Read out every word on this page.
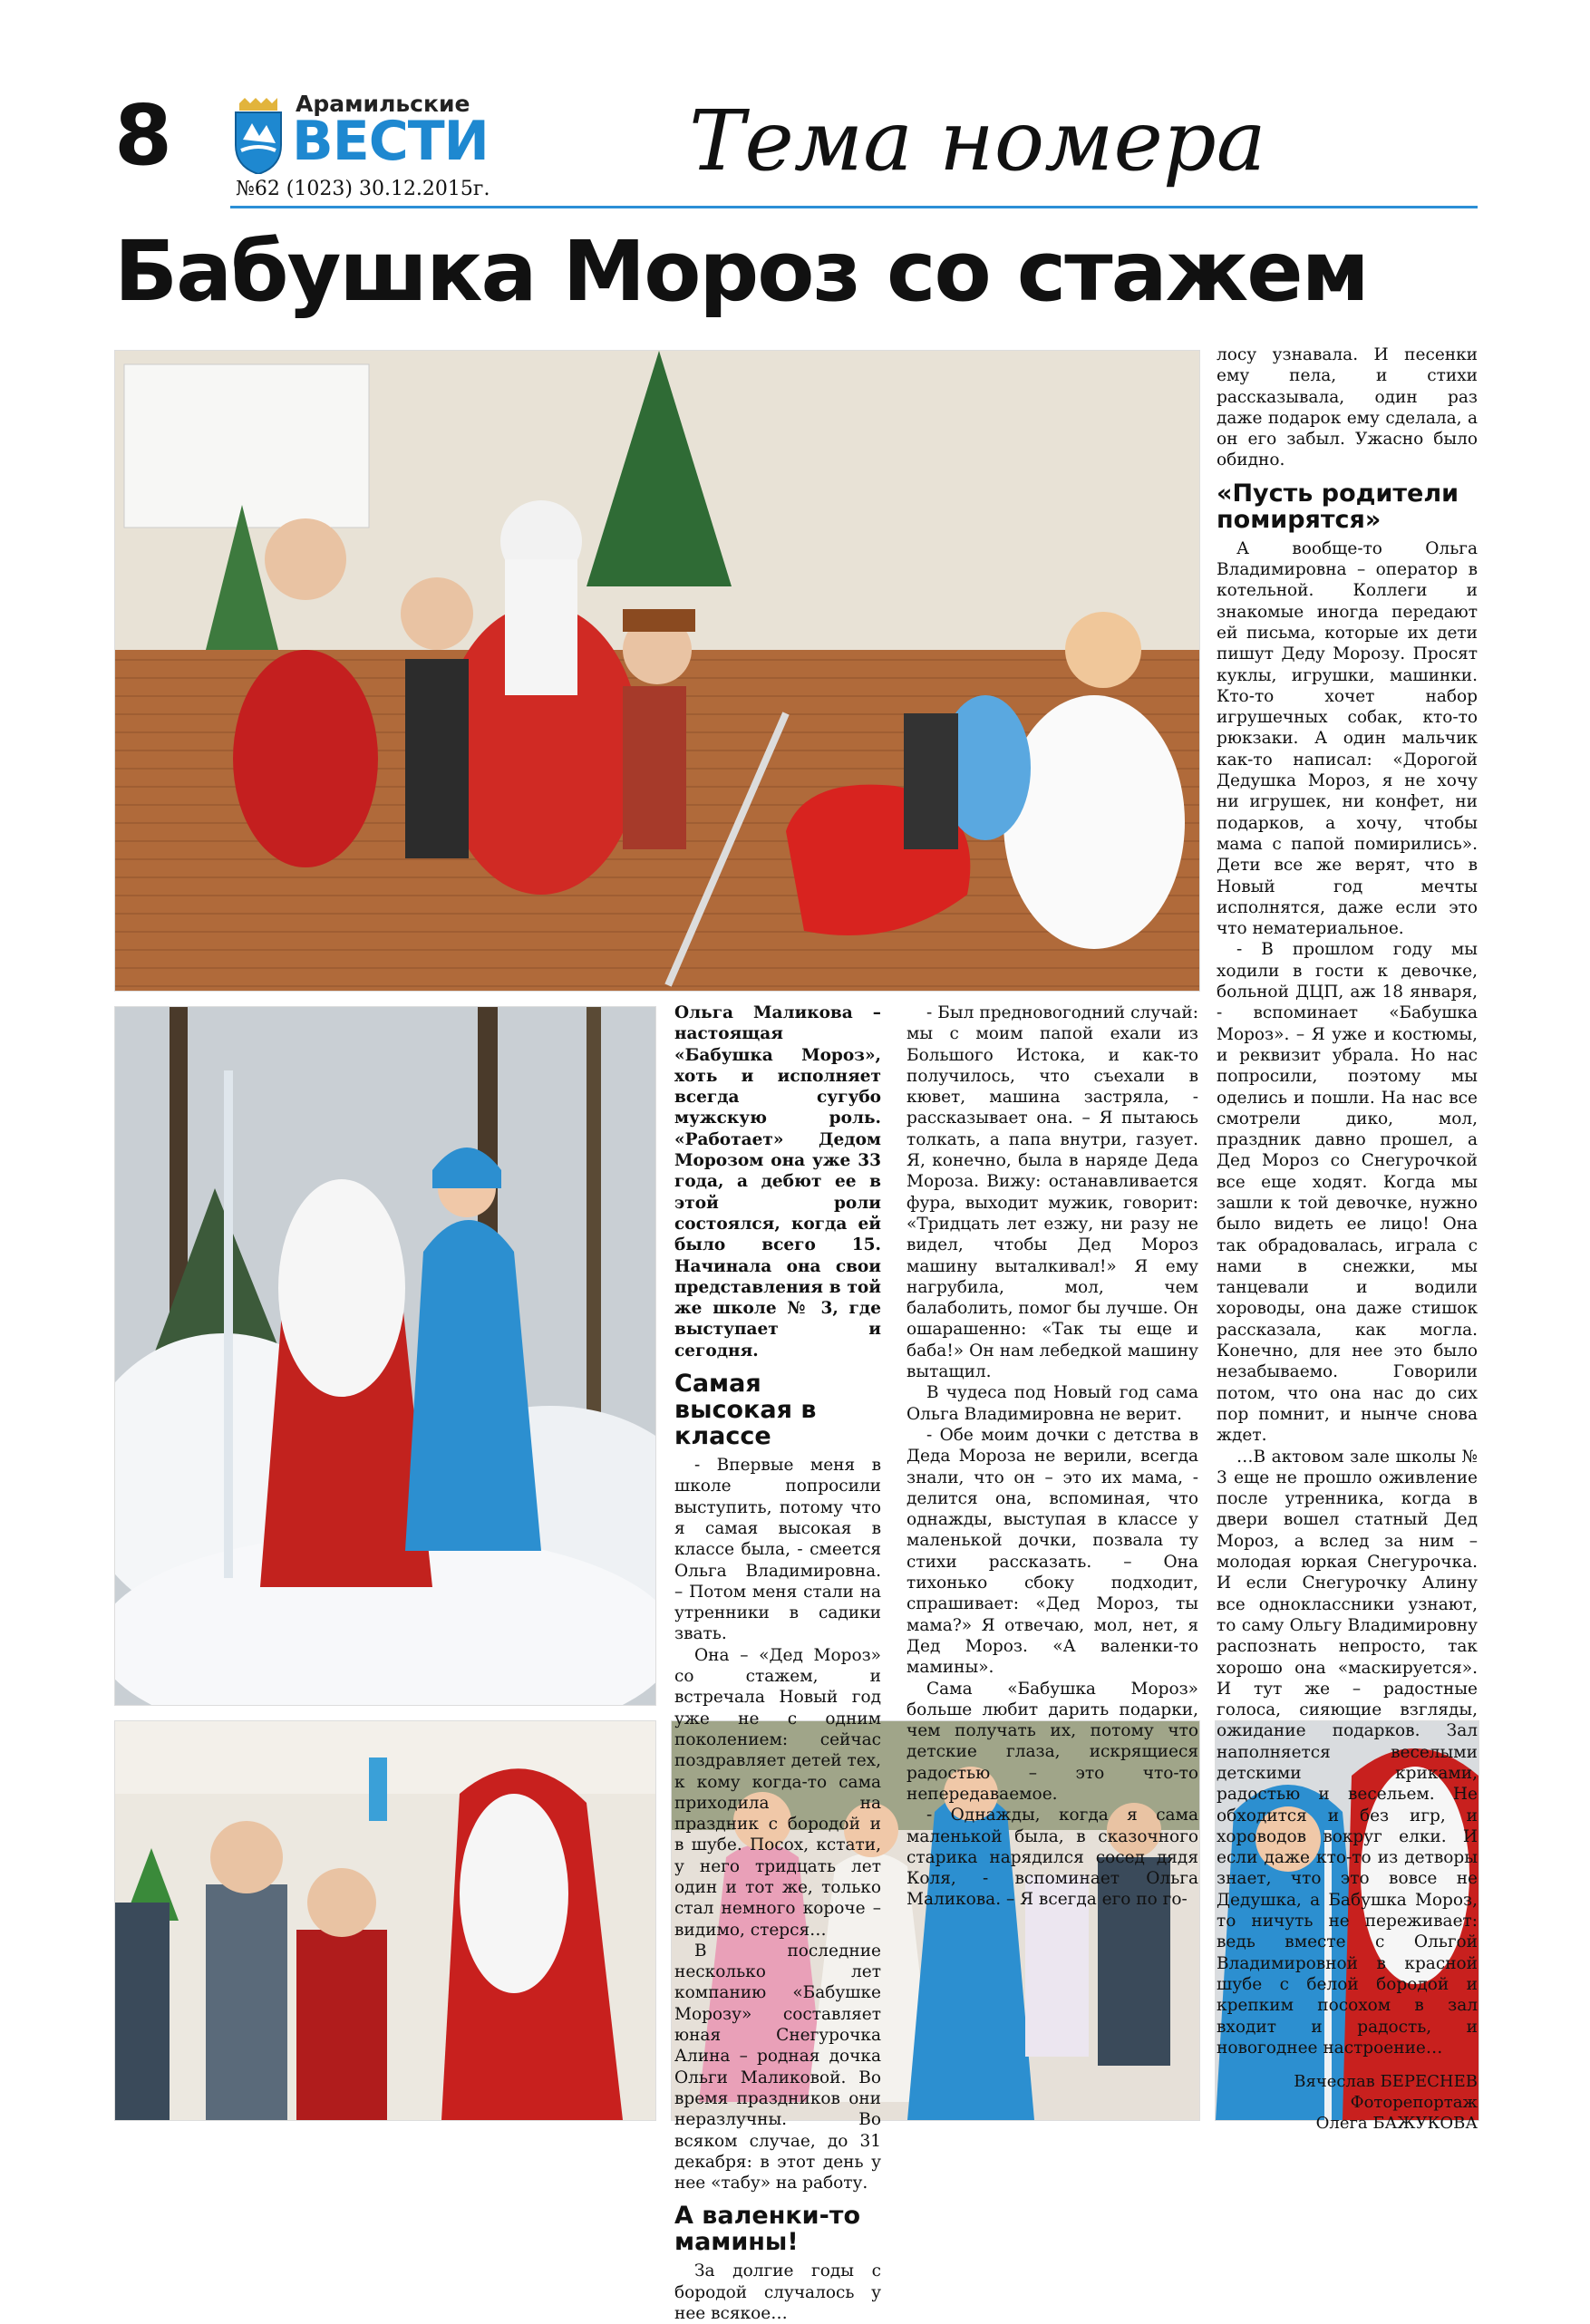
8	Арамильские
ВЕСТИ
№62 (1023) 30.12.2015г. Тема номера
Бабушка Мороз со стажем

Ольга Маликова – настоящая «Бабушка Мороз», хоть и исполняет всегда сугубо мужскую роль. «Работает» Дедом Морозом она уже 33 года, а дебют ее в этой роли состоялся, когда ей было всего 15. Начинала она свои представления в той же школе № 3, где выступает и сегодня.

Самая высокая в классе

- Впервые меня в школе попросили выступить, потому что я самая высокая в классе была, - смеется Ольга Владимировна. – Потом меня стали на утренники в садики звать.

Она – «Дед Мороз» со стажем, и встречала Новый год уже не с одним поколением: сейчас поздравляет детей тех, к кому когда-то сама приходила на праздник с бородой и в шубе. Посох, кстати, у него тридцать лет один и тот же, только стал немного короче – видимо, стерся…

В последние несколько лет компанию «Бабушке Морозу» составляет юная Снегурочка Алина – родная дочка Ольги Маликовой. Во время праздников они неразлучны. Во всяком случае, до 31 декабря: в этот день у нее «табу» на работу.

А валенки-то мамины!

За долгие годы с бородой случалось у нее всякое…

- Был предновогодний случай: мы с моим папой ехали из Большого Истока, и как-то получилось, что съехали в кювет, машина застряла, - рассказывает она. – Я пытаюсь толкать, а папа внутри, газует. Я, конечно, была в наряде Деда Мороза. Вижу: останавливается фура, выходит мужик, говорит: «Тридцать лет езжу, ни разу не видел, чтобы Дед Мороз машину выталкивал!» Я ему нагрубила, мол, чем балаболить, помог бы лучше. Он ошарашенно: «Так ты еще и баба!» Он нам лебедкой машину вытащил.

В чудеса под Новый год сама Ольга Владимировна не верит.

- Обе моим дочки с детства в Деда Мороза не верили, всегда знали, что он – это их мама, - делится она, вспоминая, что однажды, выступая в классе у маленькой дочки, позвала ту стихи рассказать. – Она тихонько сбоку подходит, спрашивает: «Дед Мороз, ты мама?» Я отвечаю, мол, нет, я Дед Мороз. «А валенки-то мамины».

Сама «Бабушка Мороз» больше любит дарить подарки, чем получать их, потому что детские глаза, искрящиеся радостью – это что-то непередаваемое.

- Однажды, когда я сама маленькой была, в сказочного старика нарядился сосед дядя Коля, - вспоминает Ольга Маликова. – Я всегда его по го-

лосу узнавала. И песенки ему пела, и стихи рассказывала, один раз даже подарок ему сделала, а он его забыл. Ужасно было обидно.

«Пусть родители помирятся»

А вообще-то Ольга Владимировна – оператор в котельной. Коллеги и знакомые иногда передают ей письма, которые их дети пишут Деду Морозу. Просят куклы, игрушки, машинки. Кто-то хочет набор игрушечных собак, кто-то рюкзаки. А один мальчик как-то написал: «Дорогой Дедушка Мороз, я не хочу ни игрушек, ни конфет, ни подарков, а хочу, чтобы мама с папой помирились». Дети все же верят, что в Новый год мечты исполнятся, даже если это что нематериальное.

- В прошлом году мы ходили в гости к девочке, больной ДЦП, аж 18 января, - вспоминает «Бабушка Мороз». – Я уже и костюмы, и реквизит убрала. Но нас попросили, поэтому мы оделись и пошли. На нас все смотрели дико, мол, праздник давно прошел, а Дед Мороз со Снегурочкой все еще ходят. Когда мы зашли к той девочке, нужно было видеть ее лицо! Она так обрадовалась, играла с нами в снежки, мы танцевали и водили хороводы, она даже стишок рассказала, как могла. Конечно, для нее это было незабываемо. Говорили потом, что она нас до сих пор помнит, и нынче снова ждет.

…В актовом зале школы № 3 еще не прошло оживление после утренника, когда в двери вошел статный Дед Мороз, а вслед за ним – молодая юркая Снегурочка. И если Снегурочку Алину все одноклассники узнают, то саму Ольгу Владимировну распознать непросто, так хорошо она «маскируется». И тут же – радостные голоса, сияющие взгляды, ожидание подарков. Зал наполняется веселыми детскими криками, радостью и весельем. Не обходится и без игр, и хороводов вокруг елки. И если даже кто-то из детворы знает, что это вовсе не Дедушка, а Бабушка Мороз, то ничуть не переживает: ведь вместе с Ольгой Владимировной в красной шубе с белой бородой и крепким посохом в зал входит и радость, и новогоднее настроение…

Вячеслав БЕРЕСНЕВ
Фоторепортаж
Олега БАЖУКОВА
